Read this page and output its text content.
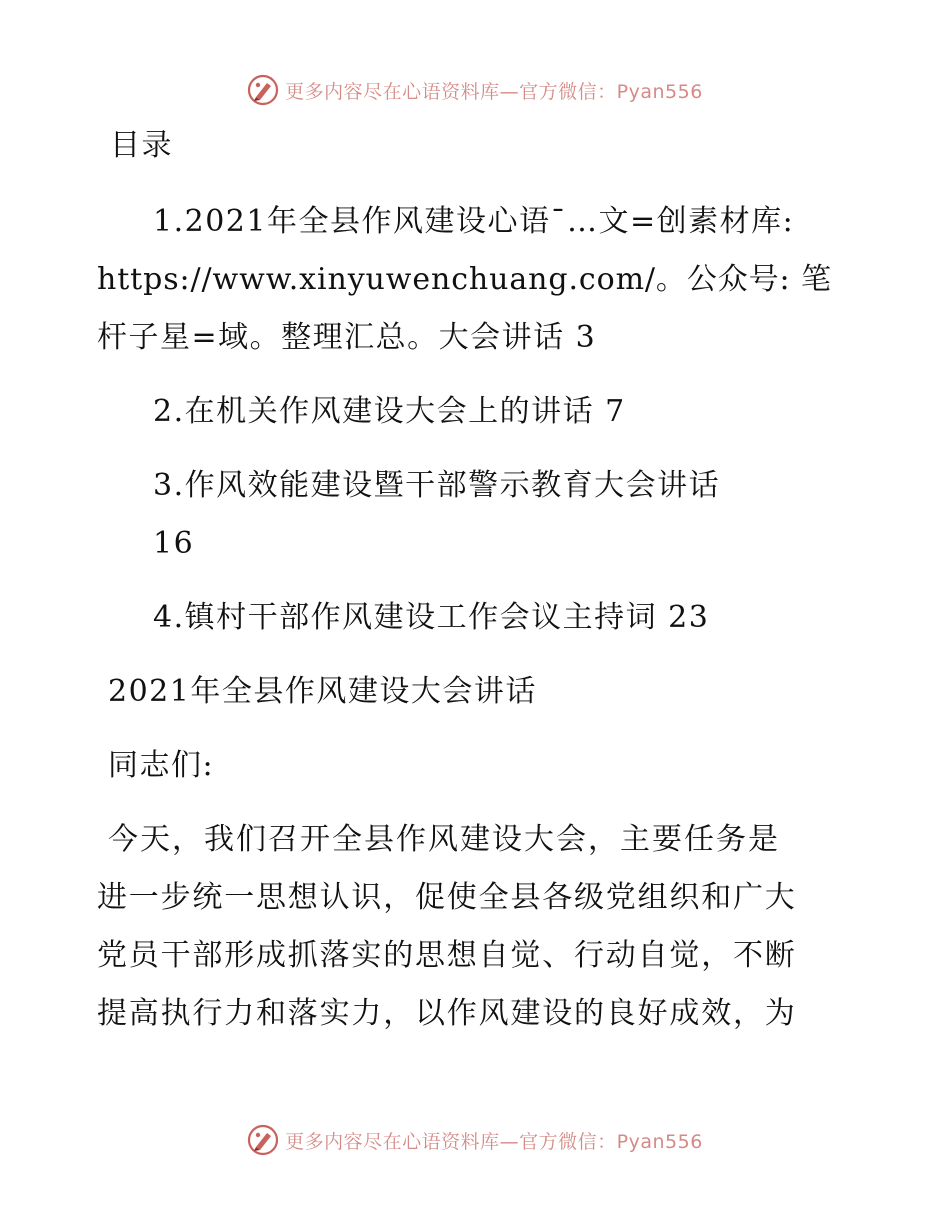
更多内容尽在心语资料库—官方微信：Pyan556
目录
1.2021年全县作风建设心语¯…文=创素材库:
https://www.xinyuwenchuang.com/。公众号: 笔
杆子星=域。整理汇总。大会讲话 3
2.在机关作风建设大会上的讲话 7
3.作风效能建设暨干部警示教育大会讲话
16
4.镇村干部作风建设工作会议主持词 23
2021年全县作风建设大会讲话
同志们:
今天，我们召开全县作风建设大会，主要任务是
进一步统一思想认识，促使全县各级党组织和广大
党员干部形成抓落实的思想自觉、行动自觉，不断
提高执行力和落实力，以作风建设的良好成效，为
更多内容尽在心语资料库—官方微信：Pyan556
